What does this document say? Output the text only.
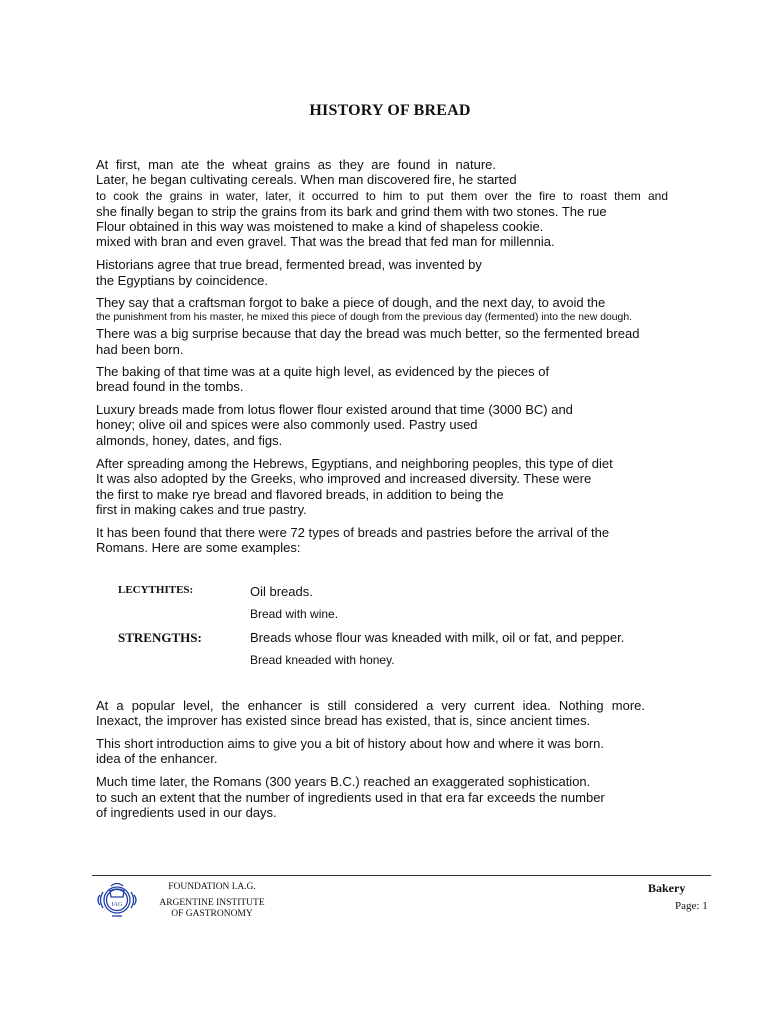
HISTORY OF BREAD
At first, man ate the wheat grains as they are found in nature.
Later, he began cultivating cereals. When man discovered fire, he started
to cook the grains in water, later, it occurred to him to put them over the fire to roast them and
she finally began to strip the grains from its bark and grind them with two stones. The rue
Flour obtained in this way was moistened to make a kind of shapeless cookie.
mixed with bran and even gravel. That was the bread that fed man for millennia.
Historians agree that true bread, fermented bread, was invented by
the Egyptians by coincidence.
They say that a craftsman forgot to bake a piece of dough, and the next day, to avoid the
the punishment from his master, he mixed this piece of dough from the previous day (fermented) into the new dough.
There was a big surprise because that day the bread was much better, so the fermented bread
had been born.
The baking of that time was at a quite high level, as evidenced by the pieces of
bread found in the tombs.
Luxury breads made from lotus flower flour existed around that time (3000 BC) and
honey; olive oil and spices were also commonly used. Pastry used
almonds, honey, dates, and figs.
After spreading among the Hebrews, Egyptians, and neighboring peoples, this type of diet
It was also adopted by the Greeks, who improved and increased diversity. These were
the first to make rye bread and flavored breads, in addition to being the
first in making cakes and true pastry.
It has been found that there were 72 types of breads and pastries before the arrival of the
Romans. Here are some examples:
LECYTHITES:	Oil breads.
Bread with wine.
STRENGTHS:	Breads whose flour was kneaded with milk, oil or fat, and pepper.
Bread kneaded with honey.
At a popular level, the enhancer is still considered a very current idea. Nothing more.
Inexact, the improver has existed since bread has existed, that is, since ancient times.
This short introduction aims to give you a bit of history about how and where it was born.
idea of the enhancer.
Much time later, the Romans (300 years B.C.) reached an exaggerated sophistication.
to such an extent that the number of ingredients used in that era far exceeds the number
of ingredients used in our days.
IAG
FOUNDATION I.A.G.
ARGENTINE INSTITUTE
OF GASTRONOMY
Bakery
Page: 1
